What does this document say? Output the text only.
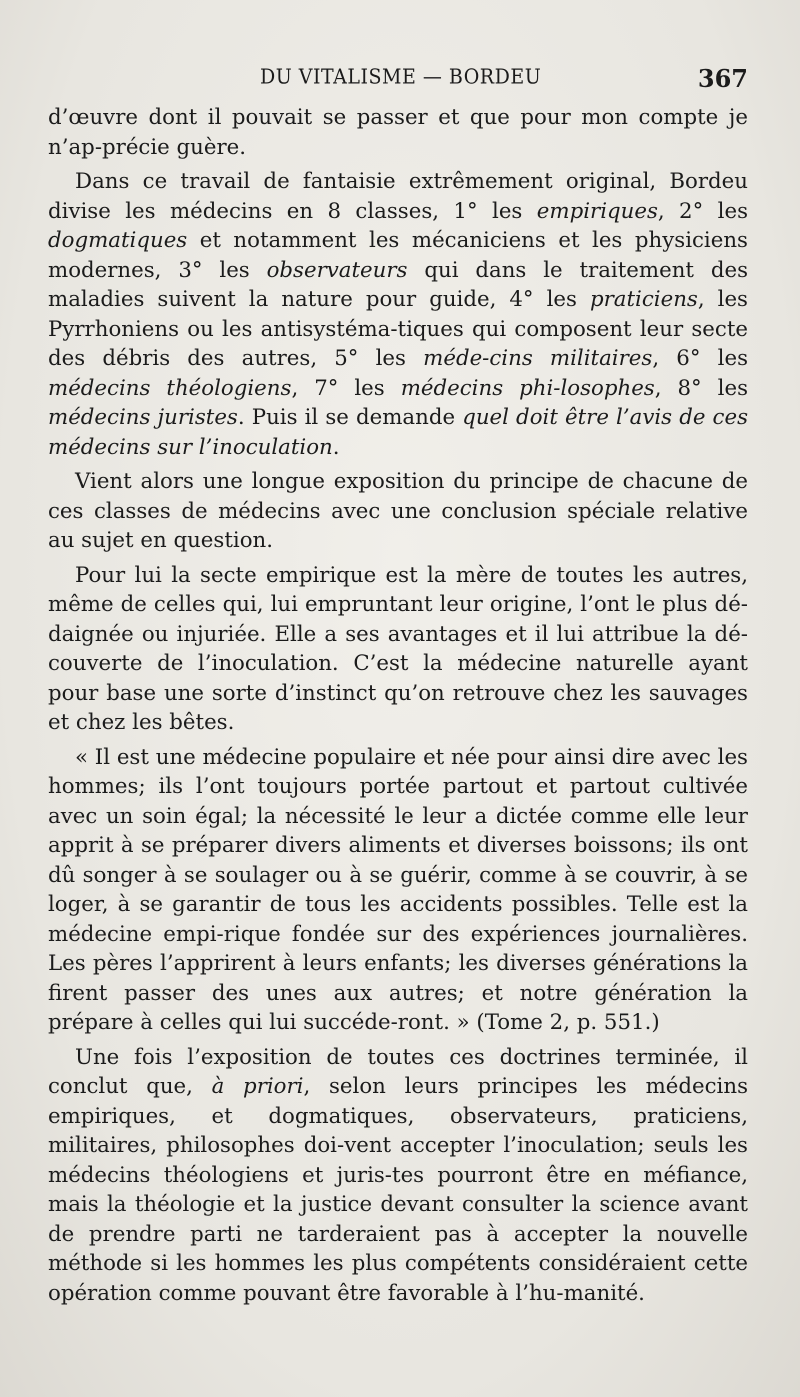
DU VITALISME — BORDEU	367

d’œuvre dont il pouvait se passer et que pour mon compte je n’ap-précie guère.

Dans ce travail de fantaisie extrêmement original, Bordeu divise les médecins en 8 classes, 1° les empiriques, 2° les dogmatiques et notamment les mécaniciens et les physiciens modernes, 3° les observateurs qui dans le traitement des maladies suivent la nature pour guide, 4° les praticiens, les Pyrrhoniens ou les antisystéma-tiques qui composent leur secte des débris des autres, 5° les méde-cins militaires, 6° les médecins théologiens, 7° les médecins phi-losophes, 8° les médecins juristes. Puis il se demande quel doit être l’avis de ces médecins sur l’inoculation.

Vient alors une longue exposition du principe de chacune de ces classes de médecins avec une conclusion spéciale relative au sujet en question.

Pour lui la secte empirique est la mère de toutes les autres, même de celles qui, lui empruntant leur origine, l’ont le plus dé-daignée ou injuriée. Elle a ses avantages et il lui attribue la dé-couverte de l’inoculation. C’est la médecine naturelle ayant pour base une sorte d’instinct qu’on retrouve chez les sauvages et chez les bêtes.

« Il est une médecine populaire et née pour ainsi dire avec les hommes; ils l’ont toujours portée partout et partout cultivée avec un soin égal; la nécessité le leur a dictée comme elle leur apprit à se préparer divers aliments et diverses boissons; ils ont dû songer à se soulager ou à se guérir, comme à se couvrir, à se loger, à se garantir de tous les accidents possibles. Telle est la médecine empi-rique fondée sur des expériences journalières. Les pères l’apprirent à leurs enfants; les diverses générations la firent passer des unes aux autres; et notre génération la prépare à celles qui lui succéde-ront. » (Tome 2, p. 551.)

Une fois l’exposition de toutes ces doctrines terminée, il conclut que, à priori, selon leurs principes les médecins empiriques, et dogmatiques, observateurs, praticiens, militaires, philosophes doi-vent accepter l’inoculation; seuls les médecins théologiens et juris-tes pourront être en méfiance, mais la théologie et la justice devant consulter la science avant de prendre parti ne tarderaient pas à accepter la nouvelle méthode si les hommes les plus compétents considéraient cette opération comme pouvant être favorable à l’hu-manité.
